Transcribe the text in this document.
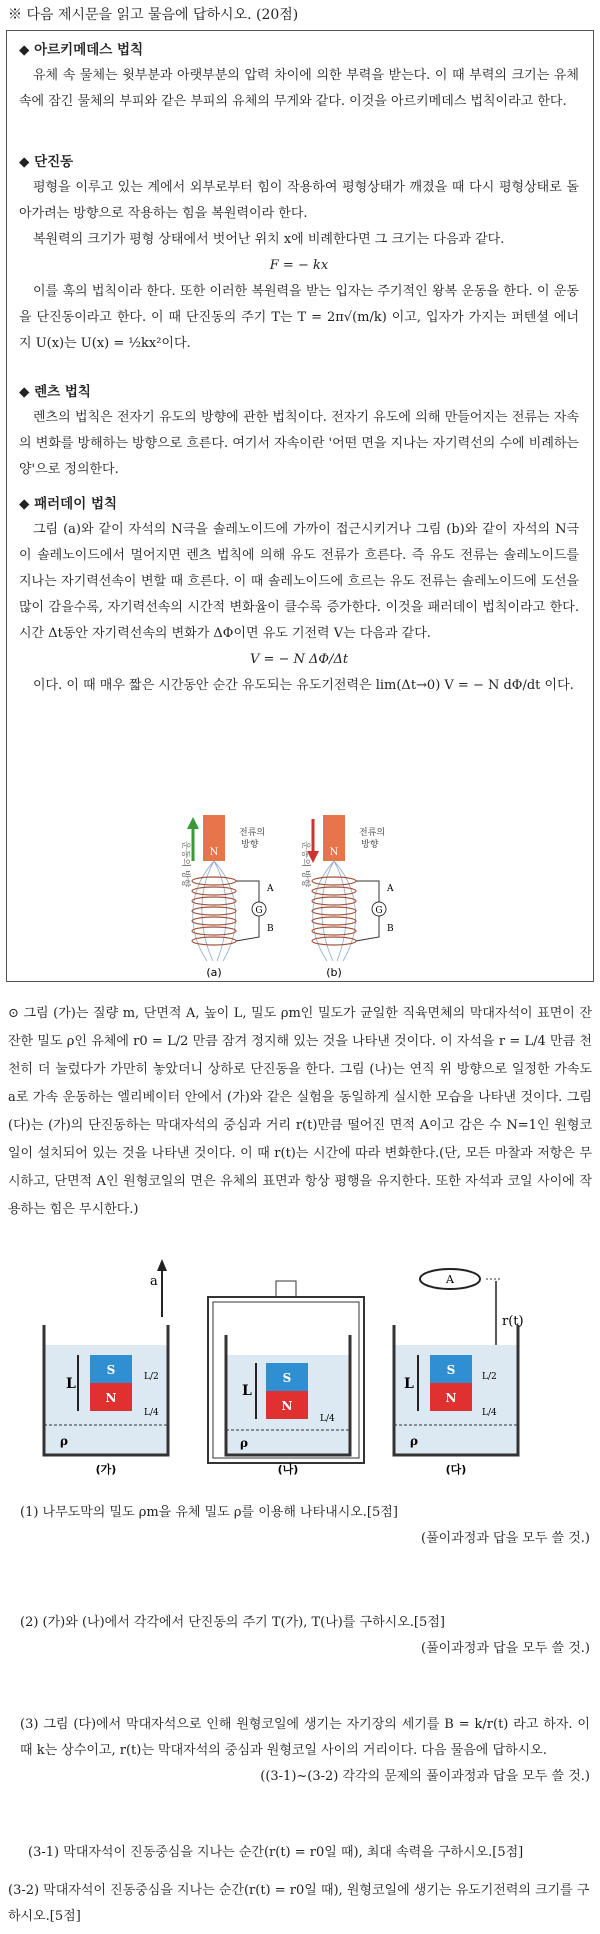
※ 다음 제시문을 읽고 물음에 답하시오. (20점)
◆ 아르키메데스 법칙
유체 속 물체는 윗부분과 아랫부분의 압력 차이에 의한 부력을 받는다. 이 때 부력의 크기는 유체 속에 잠긴 물체의 부피와 같은 부피의 유체의 무게와 같다. 이것을 아르키메데스 법칙이라고 한다.
◆ 단진동
평형을 이루고 있는 계에서 외부로부터 힘이 작용하여 평형상태가 깨졌을 때 다시 평형상태로 돌아가려는 방향으로 작용하는 힘을 복원력이라 한다.
복원력의 크기가 평형 상태에서 벗어난 위치 x에 비례한다면 그 크기는 다음과 같다.
F = − kx
이를 훅의 법칙이라 한다. 또한 이러한 복원력을 받는 입자는 주기적인 왕복 운동을 한다. 이 운동을 단진동이라고 한다. 이 때 단진동의 주기 T는 T = 2π√(m/k) 이고, 입자가 가지는 퍼텐셜 에너지 U(x)는 U(x) = ½kx²이다.
◆ 렌츠 법칙
렌츠의 법칙은 전자기 유도의 방향에 관한 법칙이다. 전자기 유도에 의해 만들어지는 전류는 자속의 변화를 방해하는 방향으로 흐른다. 여기서 자속이란 '어떤 면을 지나는 자기력선의 수에 비례하는 양'으로 정의한다.
◆ 패러데이 법칙
그림 (a)와 같이 자석의 N극을 솔레노이드에 가까이 접근시키거나 그림 (b)와 같이 자석의 N극이 솔레노이드에서 멀어지면 렌츠 법칙에 의해 유도 전류가 흐른다. 즉 유도 전류는 솔레노이드를 지나는 자기력선속이 변할 때 흐른다. 이 때 솔레노이드에 흐르는 유도 전류는 솔레노이드에 도선을 많이 감을수록, 자기력선속의 시간적 변화율이 클수록 증가한다. 이것을 패러데이 법칙이라고 한다. 시간 Δt동안 자기력선속의 변화가 ΔΦ이면 유도 기전력 V는 다음과 같다.
V = − N ΔΦ/Δt
이다. 이 때 매우 짧은 시간동안 순간 유도되는 유도기전력은 lim(Δt→0) V = − N dΦ/dt 이다.
운동의 방향 N
전류의
방향
G
A
B
(a)
운동의 방향 N
전류의
방향
G
A
B
(b)
⊙ 그림 (가)는 질량 m, 단면적 A, 높이 L, 밀도 ρm인 밀도가 균일한 직육면체의 막대자석이 표면이 잔잔한 밀도 ρ인 유체에 r0 = L/2 만큼 잠겨 정지해 있는 것을 나타낸 것이다. 이 자석을 r = L/4 만큼 천천히 더 눌렀다가 가만히 놓았더니 상하로 단진동을 한다. 그림 (나)는 연직 위 방향으로 일정한 가속도 a로 가속 운동하는 엘리베이터 안에서 (가)와 같은 실험을 동일하게 실시한 모습을 나타낸 것이다. 그림 (다)는 (가)의 단진동하는 막대자석의 중심과 거리 r(t)만큼 떨어진 면적 A이고 감은 수 N=1인 원형코일이 설치되어 있는 것을 나타낸 것이다. 이 때 r(t)는 시간에 따라 변화한다.(단, 모든 마찰과 저항은 무시하고, 단면적 A인 원형코일의 면은 유체의 표면과 항상 평행을 유지한다. 또한 자석과 코일 사이에 작용하는 힘은 무시한다.)
S
N
L	L/2
L/4
ρ
(가)
a
S
N
L
L/4
ρ
(나)
A
r(t)
S
N
L	L/2
L/4
ρ
(다)
(1) 나무도막의 밀도 ρm을 유체 밀도 ρ를 이용해 나타내시오.[5점]
(풀이과정과 답을 모두 쓸 것.)
(2) (가)와 (나)에서 각각에서 단진동의 주기 T(가), T(나)를 구하시오.[5점]
(풀이과정과 답을 모두 쓸 것.)
(3) 그림 (다)에서 막대자석으로 인해 원형코일에 생기는 자기장의 세기를 B = k/r(t) 라고 하자. 이 때 k는 상수이고, r(t)는 막대자석의 중심과 원형코일 사이의 거리이다. 다음 물음에 답하시오.
((3-1)~(3-2) 각각의 문제의 풀이과정과 답을 모두 쓸 것.)
(3-1) 막대자석이 진동중심을 지나는 순간(r(t) = r0일 때), 최대 속력을 구하시오.[5점]
(3-2) 막대자석이 진동중심을 지나는 순간(r(t) = r0일 때), 원형코일에 생기는 유도기전력의 크기를 구하시오.[5점]
